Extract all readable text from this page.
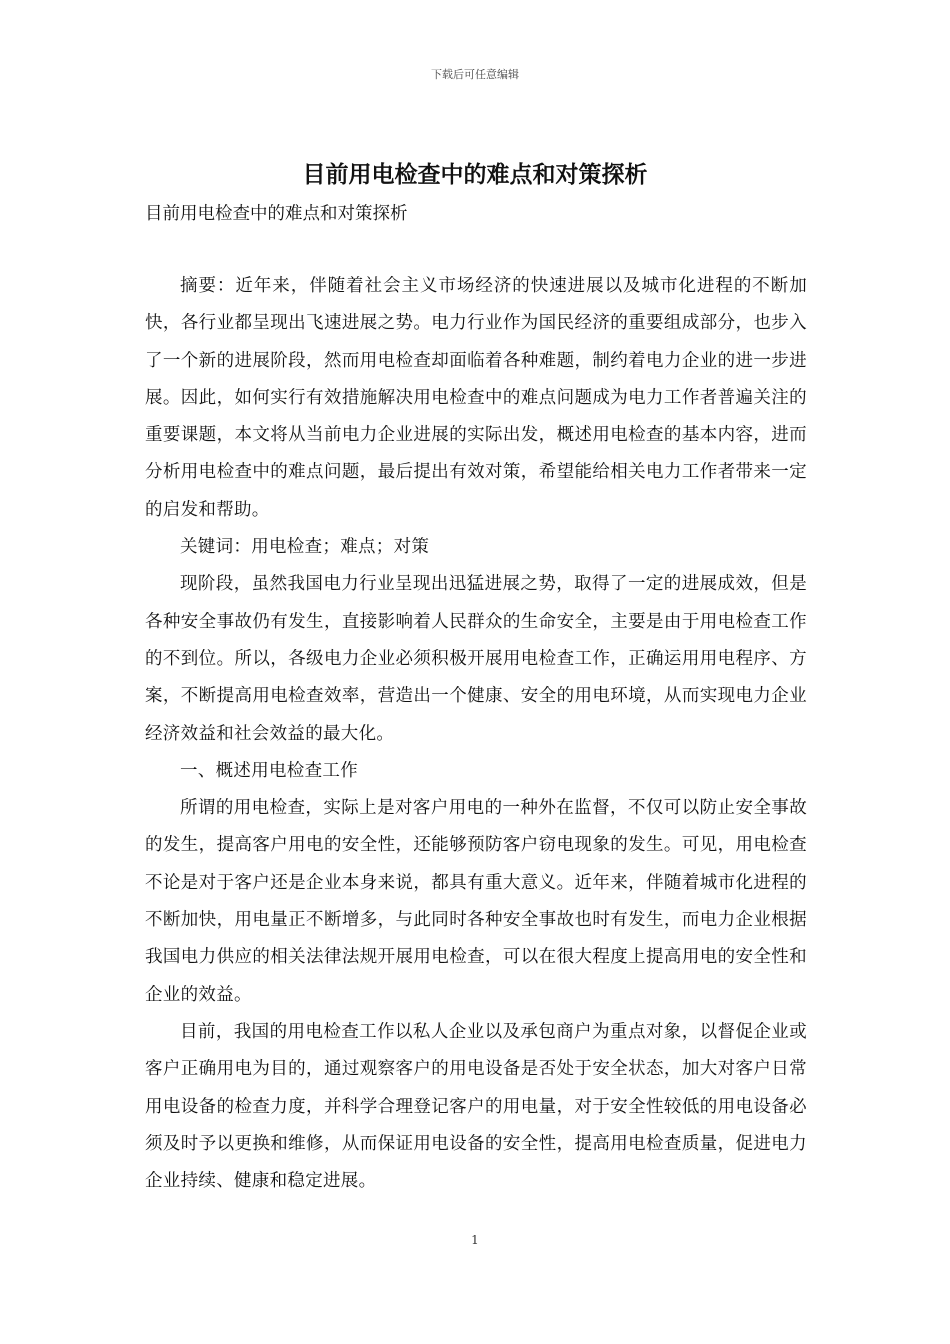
下载后可任意编辑
目前用电检查中的难点和对策探析

目前用电检查中的难点和对策探析

摘要：近年来，伴随着社会主义市场经济的快速进展以及城市化进程的不断加快，各行业都呈现出飞速进展之势。电力行业作为国民经济的重要组成部分，也步入了一个新的进展阶段，然而用电检查却面临着各种难题，制约着电力企业的进一步进展。因此，如何实行有效措施解决用电检查中的难点问题成为电力工作者普遍关注的重要课题，本文将从当前电力企业进展的实际出发，概述用电检查的基本内容，进而分析用电检查中的难点问题，最后提出有效对策，希望能给相关电力工作者带来一定的启发和帮助。

关键词：用电检查；难点；对策

现阶段，虽然我国电力行业呈现出迅猛进展之势，取得了一定的进展成效，但是各种安全事故仍有发生，直接影响着人民群众的生命安全，主要是由于用电检查工作的不到位。所以，各级电力企业必须积极开展用电检查工作，正确运用用电程序、方案，不断提高用电检查效率，营造出一个健康、安全的用电环境，从而实现电力企业经济效益和社会效益的最大化。

一、概述用电检查工作

所谓的用电检查，实际上是对客户用电的一种外在监督，不仅可以防止安全事故的发生，提高客户用电的安全性，还能够预防客户窃电现象的发生。可见，用电检查不论是对于客户还是企业本身来说，都具有重大意义。近年来，伴随着城市化进程的不断加快，用电量正不断增多，与此同时各种安全事故也时有发生，而电力企业根据我国电力供应的相关法律法规开展用电检查，可以在很大程度上提高用电的安全性和企业的效益。

目前，我国的用电检查工作以私人企业以及承包商户为重点对象，以督促企业或客户正确用电为目的，通过观察客户的用电设备是否处于安全状态，加大对客户日常用电设备的检查力度，并科学合理登记客户的用电量，对于安全性较低的用电设备必须及时予以更换和维修，从而保证用电设备的安全性，提高用电检查质量，促进电力企业持续、健康和稳定进展。

1
